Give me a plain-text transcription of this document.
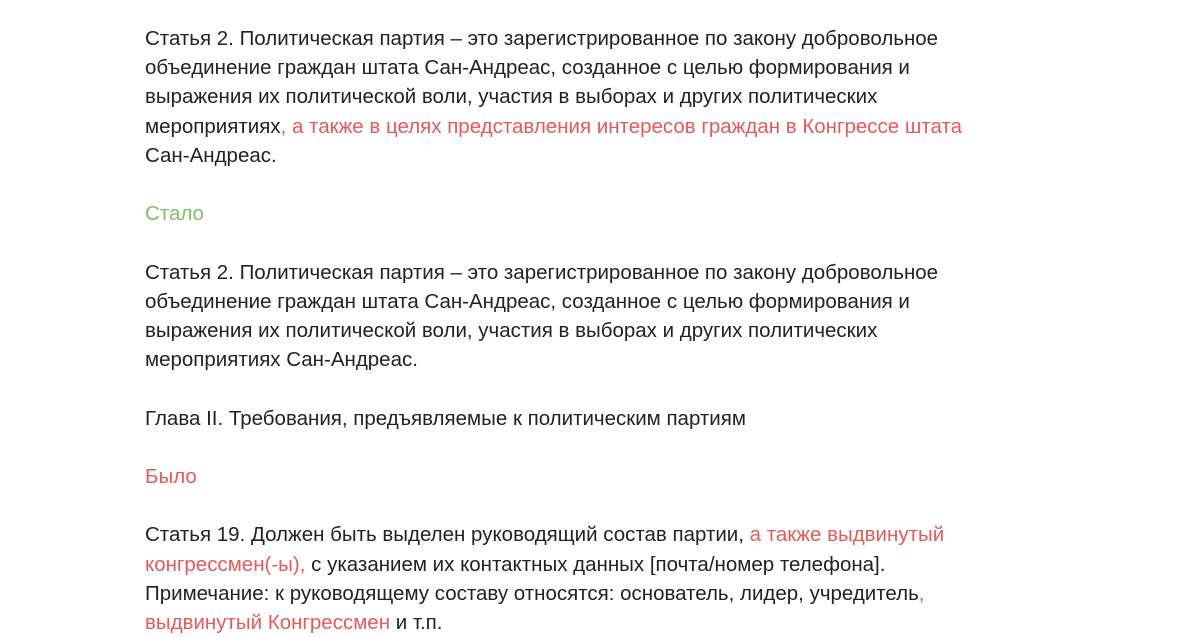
Статья 2. Политическая партия – это зарегистрированное по закону добровольное

объединение граждан штата Сан-Андреас, созданное с целью формирования и

выражения их политической воли, участия в выборах и других политических

мероприятиях, а также в целях представления интересов граждан в Конгрессе штата

Сан-Андреас.

Стало

Статья 2. Политическая партия – это зарегистрированное по закону добровольное

объединение граждан штата Сан-Андреас, созданное с целью формирования и

выражения их политической воли, участия в выборах и других политических

мероприятиях Сан-Андреас.

Глава II. Требования, предъявляемые к политическим партиям

Было

Статья 19. Должен быть выделен руководящий состав партии, а также выдвинутый

конгрессмен(-ы), с указанием их контактных данных [почта/номер телефона].

Примечание: к руководящему составу относятся: основатель, лидер, учредитель,

выдвинутый Конгрессмен и т.п.
